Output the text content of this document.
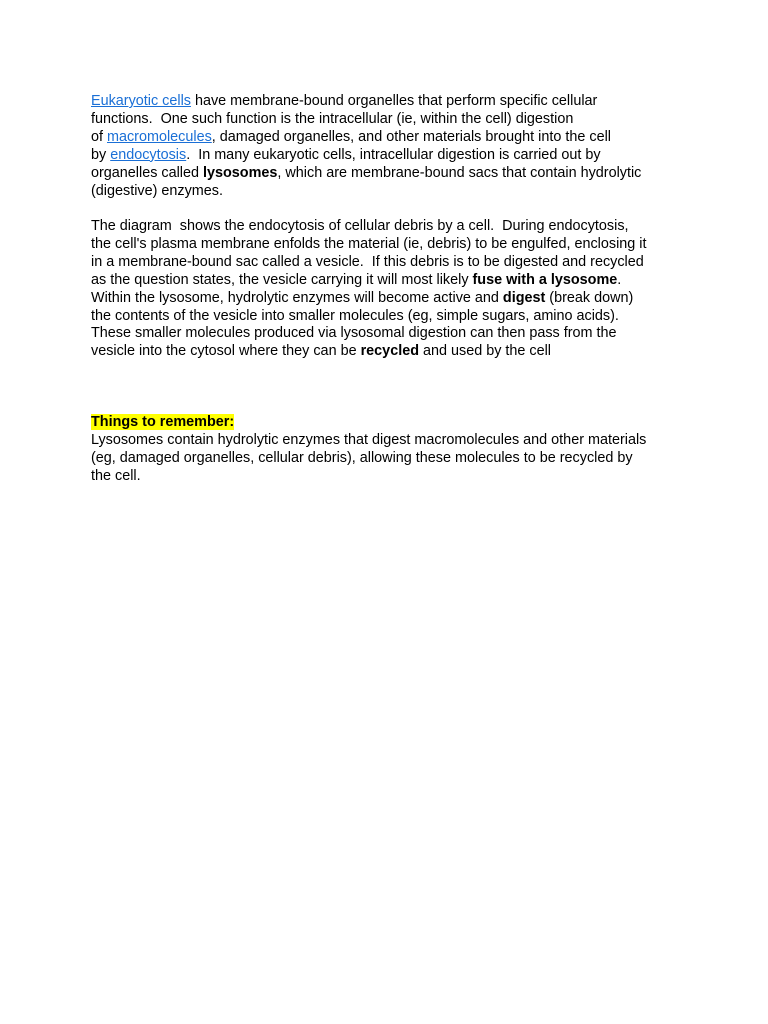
Eukaryotic cells have membrane-bound organelles that perform specific cellular
functions.  One such function is the intracellular (ie, within the cell) digestion
of macromolecules, damaged organelles, and other materials brought into the cell
by endocytosis.  In many eukaryotic cells, intracellular digestion is carried out by
organelles called lysosomes, which are membrane-bound sacs that contain hydrolytic
(digestive) enzymes.
The diagram  shows the endocytosis of cellular debris by a cell.  During endocytosis,
the cell's plasma membrane enfolds the material (ie, debris) to be engulfed, enclosing it
in a membrane-bound sac called a vesicle.  If this debris is to be digested and recycled
as the question states, the vesicle carrying it will most likely fuse with a lysosome.
Within the lysosome, hydrolytic enzymes will become active and digest (break down)
the contents of the vesicle into smaller molecules (eg, simple sugars, amino acids).
These smaller molecules produced via lysosomal digestion can then pass from the
vesicle into the cytosol where they can be recycled and used by the cell
Things to remember:
Lysosomes contain hydrolytic enzymes that digest macromolecules and other materials
(eg, damaged organelles, cellular debris), allowing these molecules to be recycled by
the cell.
